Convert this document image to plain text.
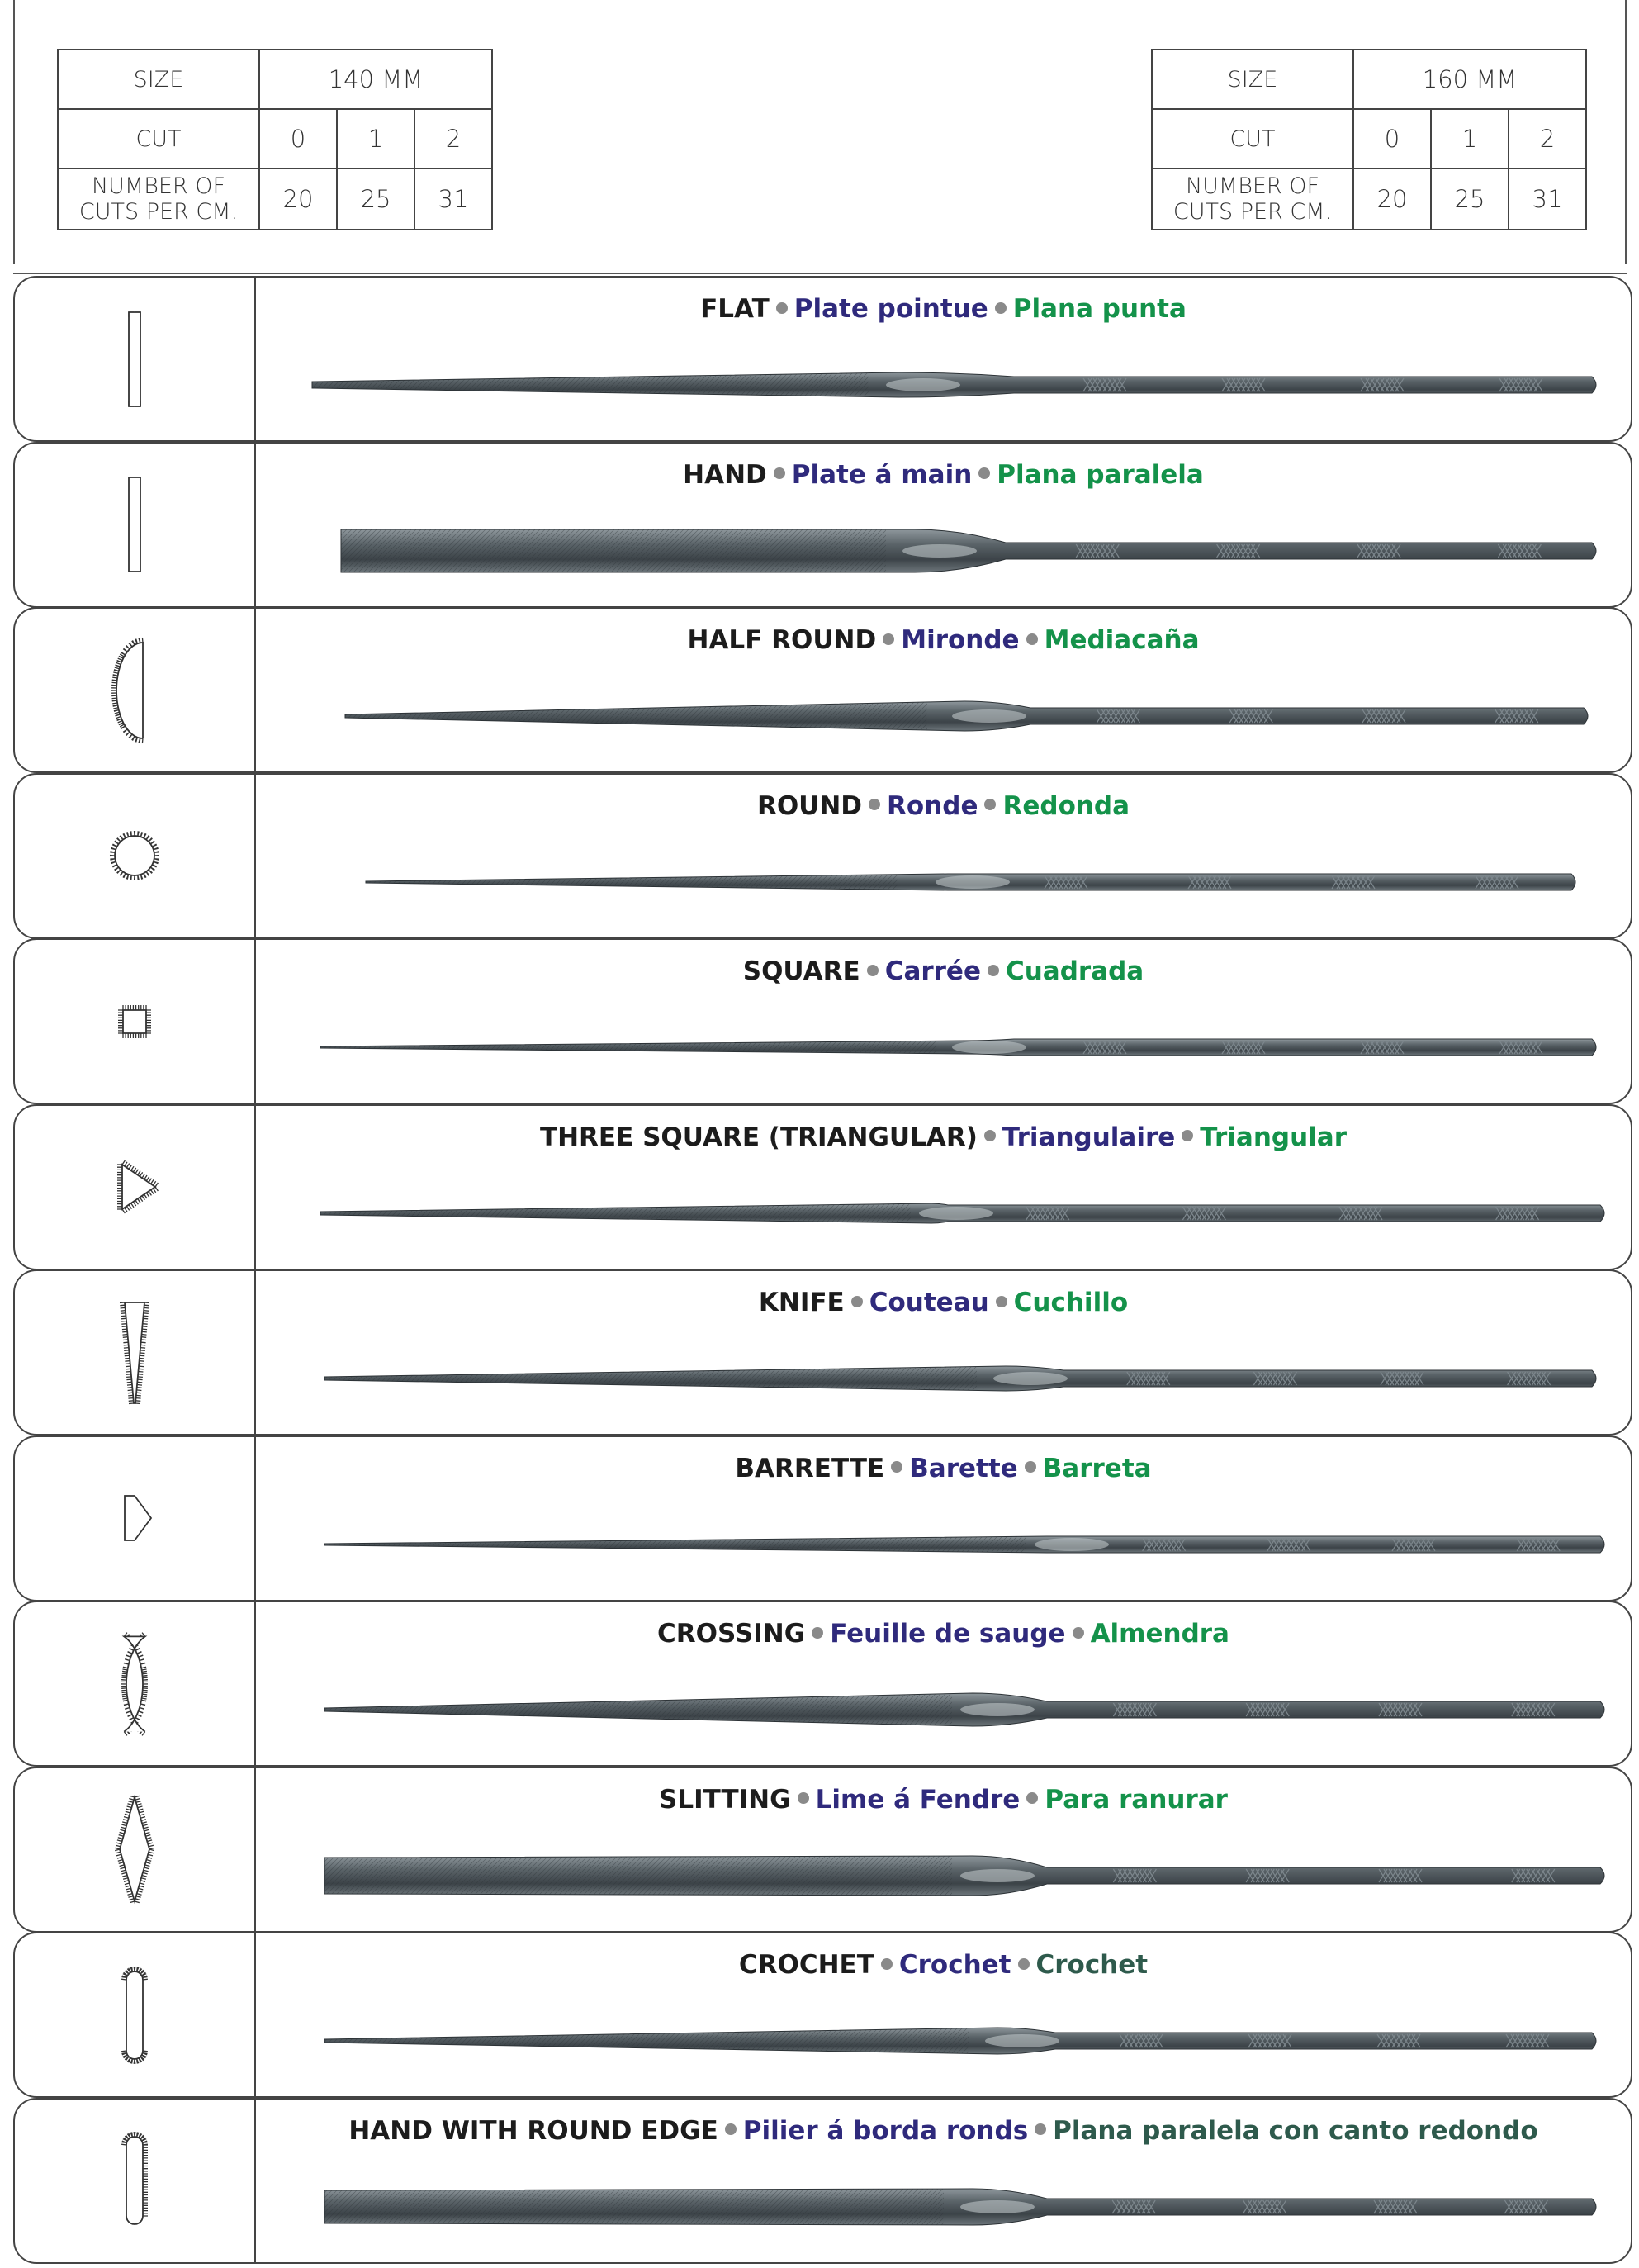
SIZE	140 MM		
CUT	0	1	2

NUMBER OF
CUTS PER CM.	20	25	31
SIZE	160 MM		
CUT	0	1	2

NUMBER OF
CUTS PER CM.	20	25	31
FLAT Plate pointue Plana punta
HAND Plate á main Plana paralela
HALF ROUND Mironde Mediacaña
ROUND Ronde Redonda
SQUARE Carrée Cuadrada
THREE SQUARE (TRIANGULAR) Triangulaire Triangular
KNIFE Couteau Cuchillo
BARRETTE Barette Barreta
CROSSING Feuille de sauge Almendra
SLITTING Lime á Fendre Para ranurar
CROCHET Crochet Crochet
HAND WITH ROUND EDGE Pilier á borda ronds Plana paralela con canto redondo
